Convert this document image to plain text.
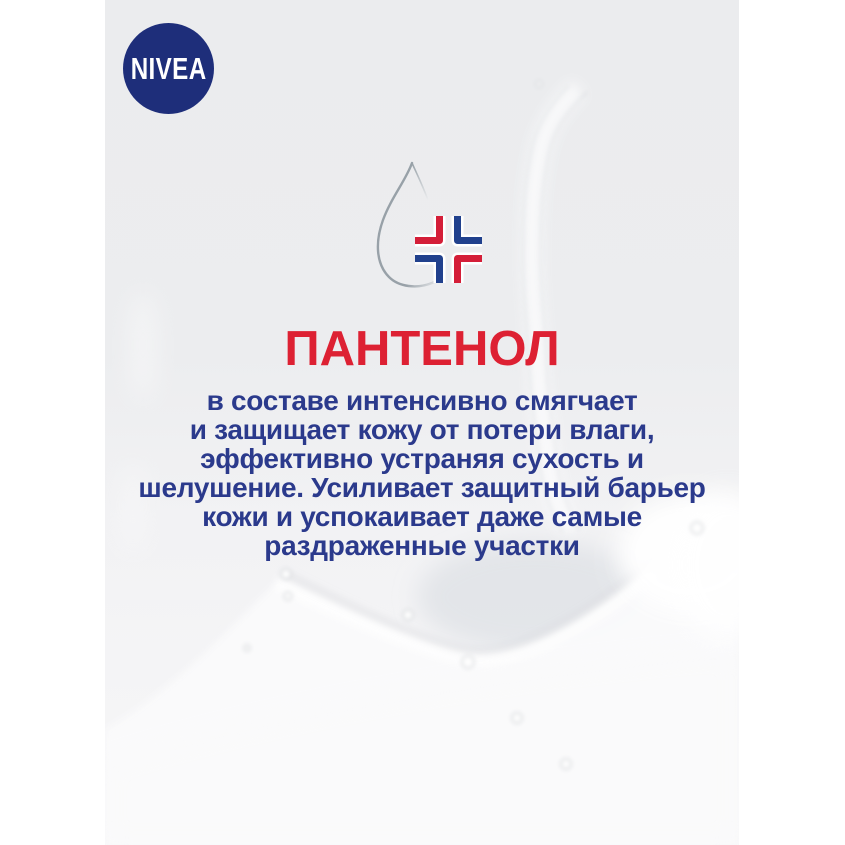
NIVEA
ПАНТЕНОЛ

в составе интенсивно смягчает

и защищает кожу от потери влаги,

эффективно устраняя сухость и

шелушение. Усиливает защитный барьер

кожи и успокаивает даже самые

раздраженные участки
